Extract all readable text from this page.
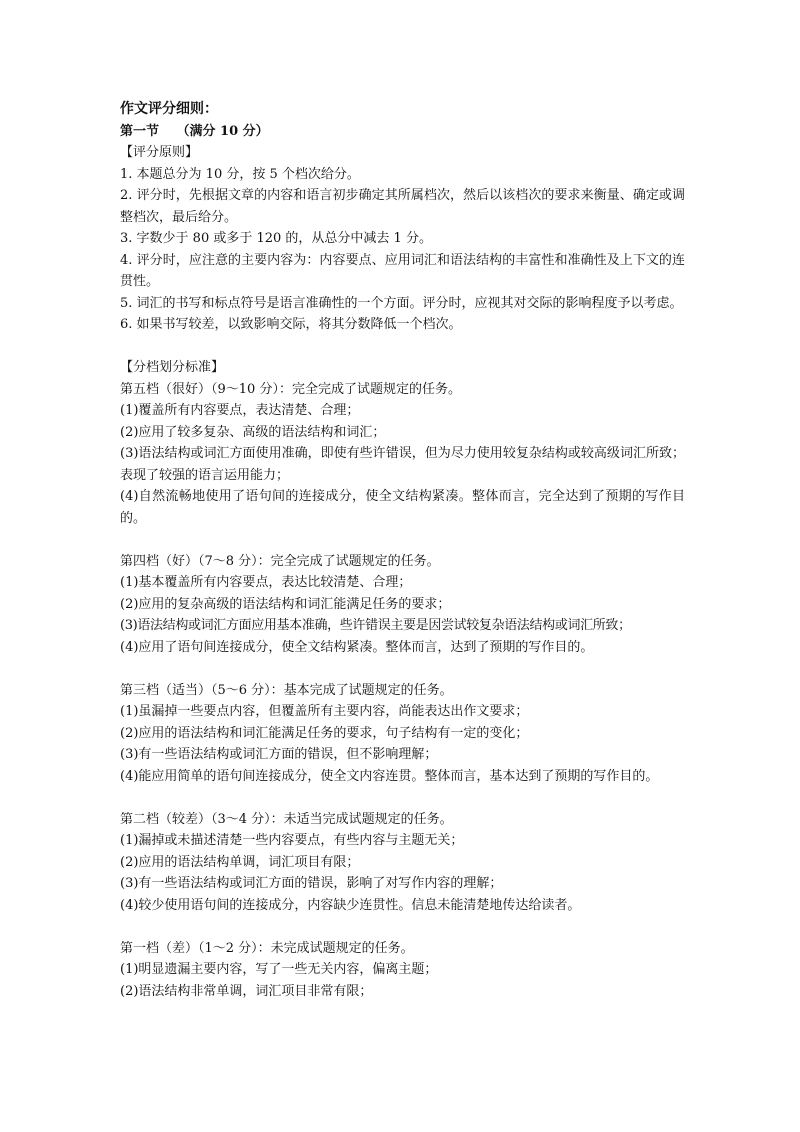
作文评分细则：
第一节　 （满分 10 分）
【评分原则】
1. 本题总分为 10 分，按 5 个档次给分。
2. 评分时，先根据文章的内容和语言初步确定其所属档次，然后以该档次的要求来衡量、确定或调整档次，最后给分。
3. 字数少于 80 或多于 120 的，从总分中减去 1 分。
4. 评分时，应注意的主要内容为：内容要点、应用词汇和语法结构的丰富性和准确性及上下文的连贯性。
5. 词汇的书写和标点符号是语言准确性的一个方面。评分时，应视其对交际的影响程度予以考虑。
6. 如果书写较差，以致影响交际，将其分数降低一个档次。
【分档划分标准】
第五档（很好）（9～10 分）：完全完成了试题规定的任务。
(1)覆盖所有内容要点，表达清楚、合理；
(2)应用了较多复杂、高级的语法结构和词汇；
(3)语法结构或词汇方面使用准确，即使有些许错误，但为尽力使用较复杂结构或较高级词汇所致；表现了较强的语言运用能力；
(4)自然流畅地使用了语句间的连接成分，使全文结构紧凑。整体而言，完全达到了预期的写作目的。
第四档（好）（7～8 分）：完全完成了试题规定的任务。
(1)基本覆盖所有内容要点，表达比较清楚、合理；
(2)应用的复杂高级的语法结构和词汇能满足任务的要求；
(3)语法结构或词汇方面应用基本准确，些许错误主要是因尝试较复杂语法结构或词汇所致；
(4)应用了语句间连接成分，使全文结构紧凑。整体而言，达到了预期的写作目的。
第三档（适当）（5～6 分）：基本完成了试题规定的任务。
(1)虽漏掉一些要点内容，但覆盖所有主要内容，尚能表达出作文要求；
(2)应用的语法结构和词汇能满足任务的要求，句子结构有一定的变化；
(3)有一些语法结构或词汇方面的错误，但不影响理解；
(4)能应用简单的语句间连接成分，使全文内容连贯。整体而言，基本达到了预期的写作目的。
第二档（较差）（3～4 分）：未适当完成试题规定的任务。
(1)漏掉或未描述清楚一些内容要点，有些内容与主题无关；
(2)应用的语法结构单调，词汇项目有限；
(3)有一些语法结构或词汇方面的错误，影响了对写作内容的理解；
(4)较少使用语句间的连接成分，内容缺少连贯性。信息未能清楚地传达给读者。
第一档（差）（1～2 分）：未完成试题规定的任务。
(1)明显遗漏主要内容，写了一些无关内容，偏离主题；
(2)语法结构非常单调，词汇项目非常有限；
